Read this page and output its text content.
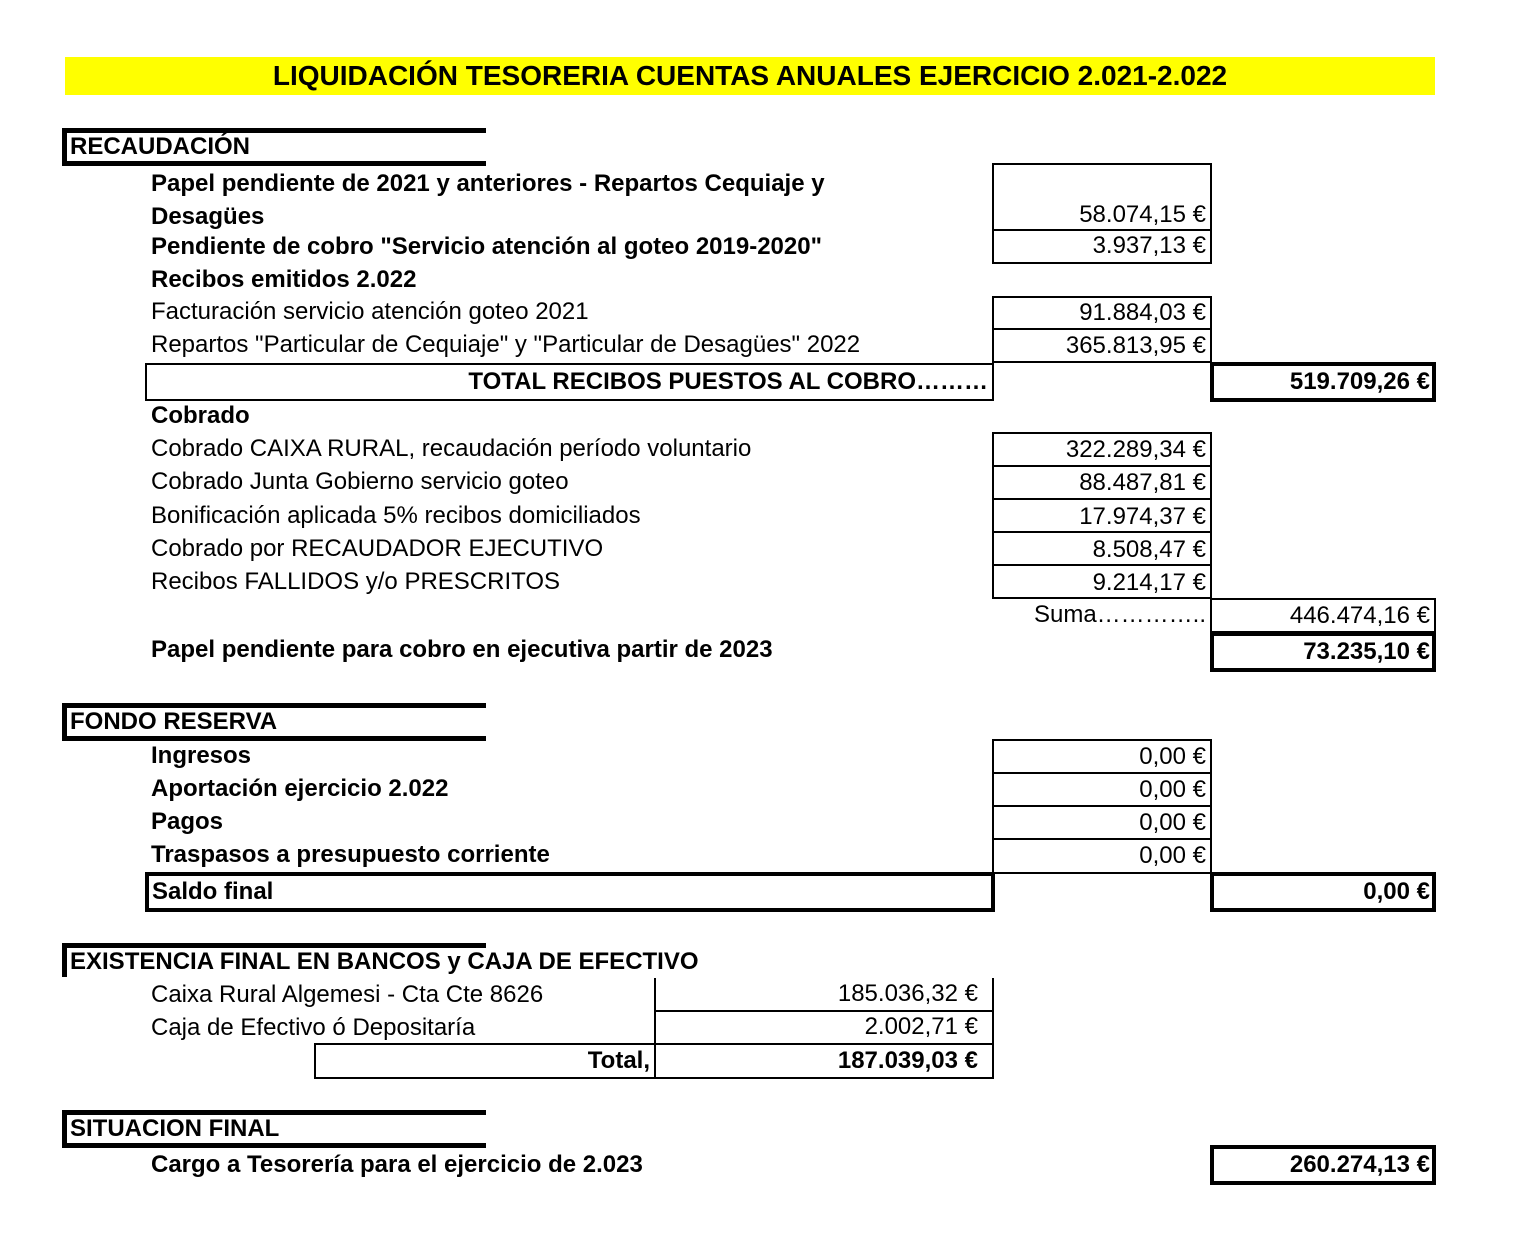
LIQUIDACIÓN TESORERIA CUENTAS ANUALES EJERCICIO 2.021-2.022
RECAUDACIÓN
Papel pendiente de 2021 y anteriores - Repartos Cequiaje y
Desagües	58.074,15 €
Pendiente de cobro "Servicio atención al goteo 2019-2020"	3.937,13 €
Recibos emitidos 2.022
Facturación servicio atención goteo 2021	91.884,03 €
Repartos "Particular de Cequiaje" y "Particular de Desagües" 2022	365.813,95 €
TOTAL RECIBOS PUESTOS AL COBRO………	519.709,26 €
Cobrado
Cobrado CAIXA RURAL, recaudación período voluntario	322.289,34 €
Cobrado Junta Gobierno servicio goteo	88.487,81 €
Bonificación aplicada 5% recibos domiciliados	17.974,37 €
Cobrado por RECAUDADOR EJECUTIVO	8.508,47 €
Recibos FALLIDOS y/o PRESCRITOS	9.214,17 €
Suma…………..	446.474,16 €
Papel pendiente para cobro en ejecutiva partir de 2023	73.235,10 €
FONDO RESERVA
Ingresos	0,00 €
Aportación ejercicio 2.022	0,00 €
Pagos	0,00 €
Traspasos a presupuesto corriente	0,00 €
Saldo final	0,00 €
EXISTENCIA FINAL EN BANCOS y CAJA DE EFECTIVO
Caixa Rural Algemesi - Cta Cte 8626	185.036,32 €
Caja de Efectivo ó Depositaría	2.002,71 €
Total,	187.039,03 €
SITUACION FINAL
Cargo a Tesorería para el ejercicio de 2.023	260.274,13 €
